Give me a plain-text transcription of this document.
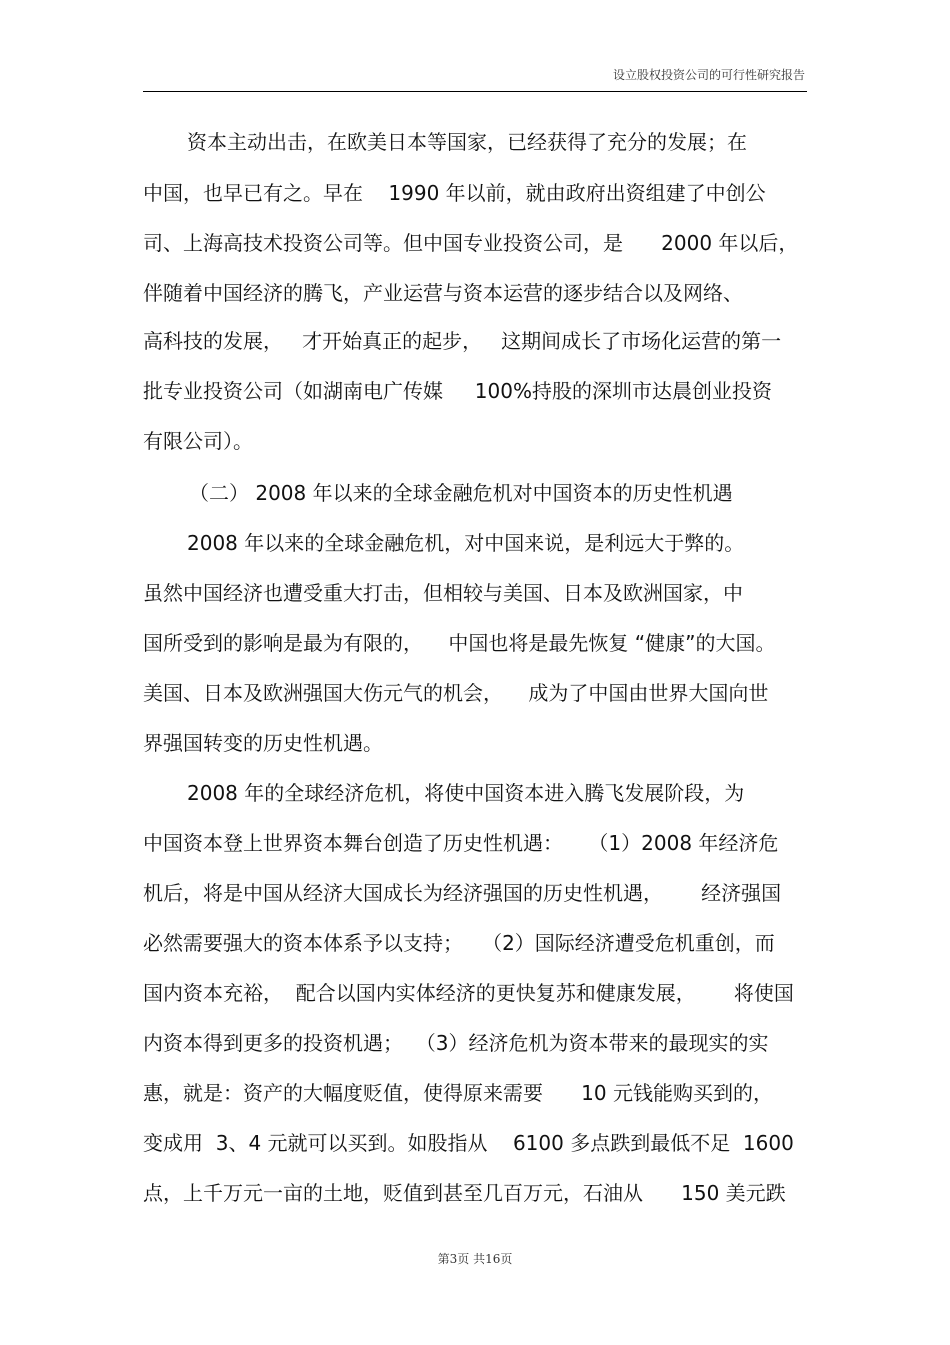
设立股权投资公司的可行性研究报告
资本主动出击，在欧美日本等国家，已经获得了充分的发展；在
中国，也早已有之。早在    1990 年以前，就由政府出资组建了中创公
司、上海高技术投资公司等。但中国专业投资公司，是      2000 年以后，
伴随着中国经济的腾飞，产业运营与资本运营的逐步结合以及网络、
高科技的发展，   才开始真正的起步，   这期间成长了市场化运营的第一
批专业投资公司（如湖南电广传媒     100%持股的深圳市达晨创业投资
有限公司）。
（二） 2008 年以来的全球金融危机对中国资本的历史性机遇
2008 年以来的全球金融危机，对中国来说，是利远大于弊的。
虽然中国经济也遭受重大打击，但相较与美国、日本及欧洲国家，中
国所受到的影响是最为有限的，    中国也将是最先恢复 “健康”的大国。
美国、日本及欧洲强国大伤元气的机会，    成为了中国由世界大国向世
界强国转变的历史性机遇。
2008 年的全球经济危机，将使中国资本进入腾飞发展阶段，为
中国资本登上世界资本舞台创造了历史性机遇：    （1）2008 年经济危
机后，将是中国从经济大国成长为经济强国的历史性机遇，      经济强国
必然需要强大的资本体系予以支持；   （2）国际经济遭受危机重创，而
国内资本充裕，  配合以国内实体经济的更快复苏和健康发展，      将使国
内资本得到更多的投资机遇；  （3）经济危机为资本带来的最现实的实
惠，就是：资产的大幅度贬值，使得原来需要      10 元钱能购买到的，
变成用  3、4 元就可以买到。如股指从    6100 多点跌到最低不足  1600
点，上千万元一亩的土地，贬值到甚至几百万元，石油从      150 美元跌
第3页 共16页
